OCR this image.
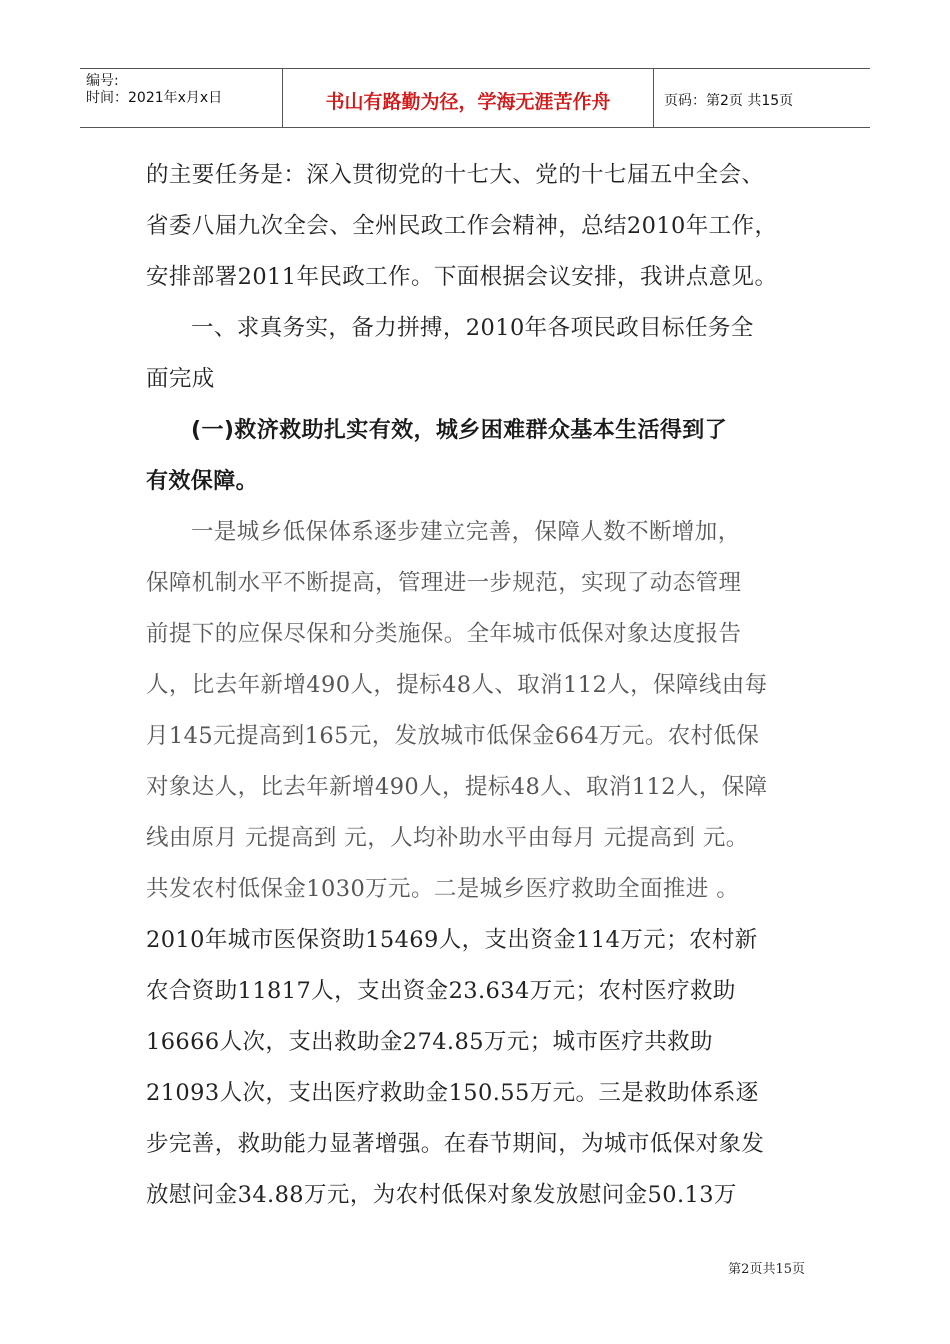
编号:
时间：2021年x月x日	书山有路勤为径，学海无涯苦作舟	页码：第2页 共15页
的主要任务是：深入贯彻党的十七大、党的十七届五中全会、
省委八届九次全会、全州民政工作会精神，总结2010年工作，
安排部署2011年民政工作。下面根据会议安排，我讲点意见。
一、求真务实，备力拼搏，2010年各项民政目标任务全
面完成
(一)救济救助扎实有效，城乡困难群众基本生活得到了
有效保障。
一是城乡低保体系逐步建立完善，保障人数不断增加，
保障机制水平不断提高，管理进一步规范，实现了动态管理
前提下的应保尽保和分类施保。全年城市低保对象达度报告
人，比去年新增490人，提标48人、取消112人，保障线由每
月145元提高到165元，发放城市低保金664万元。农村低保
对象达人，比去年新增490人，提标48人、取消112人，保障
线由原月 元提高到 元，人均补助水平由每月 元提高到 元。
共发农村低保金1030万元。二是城乡医疗救助全面推进 。
2010年城市医保资助15469人，支出资金114万元；农村新
农合资助11817人，支出资金23.634万元；农村医疗救助
16666人次，支出救助金274.85万元；城市医疗共救助
21093人次，支出医疗救助金150.55万元。三是救助体系逐
步完善，救助能力显著增强。在春节期间，为城市低保对象发
放慰问金34.88万元，为农村低保对象发放慰问金50.13万
第2页共15页
